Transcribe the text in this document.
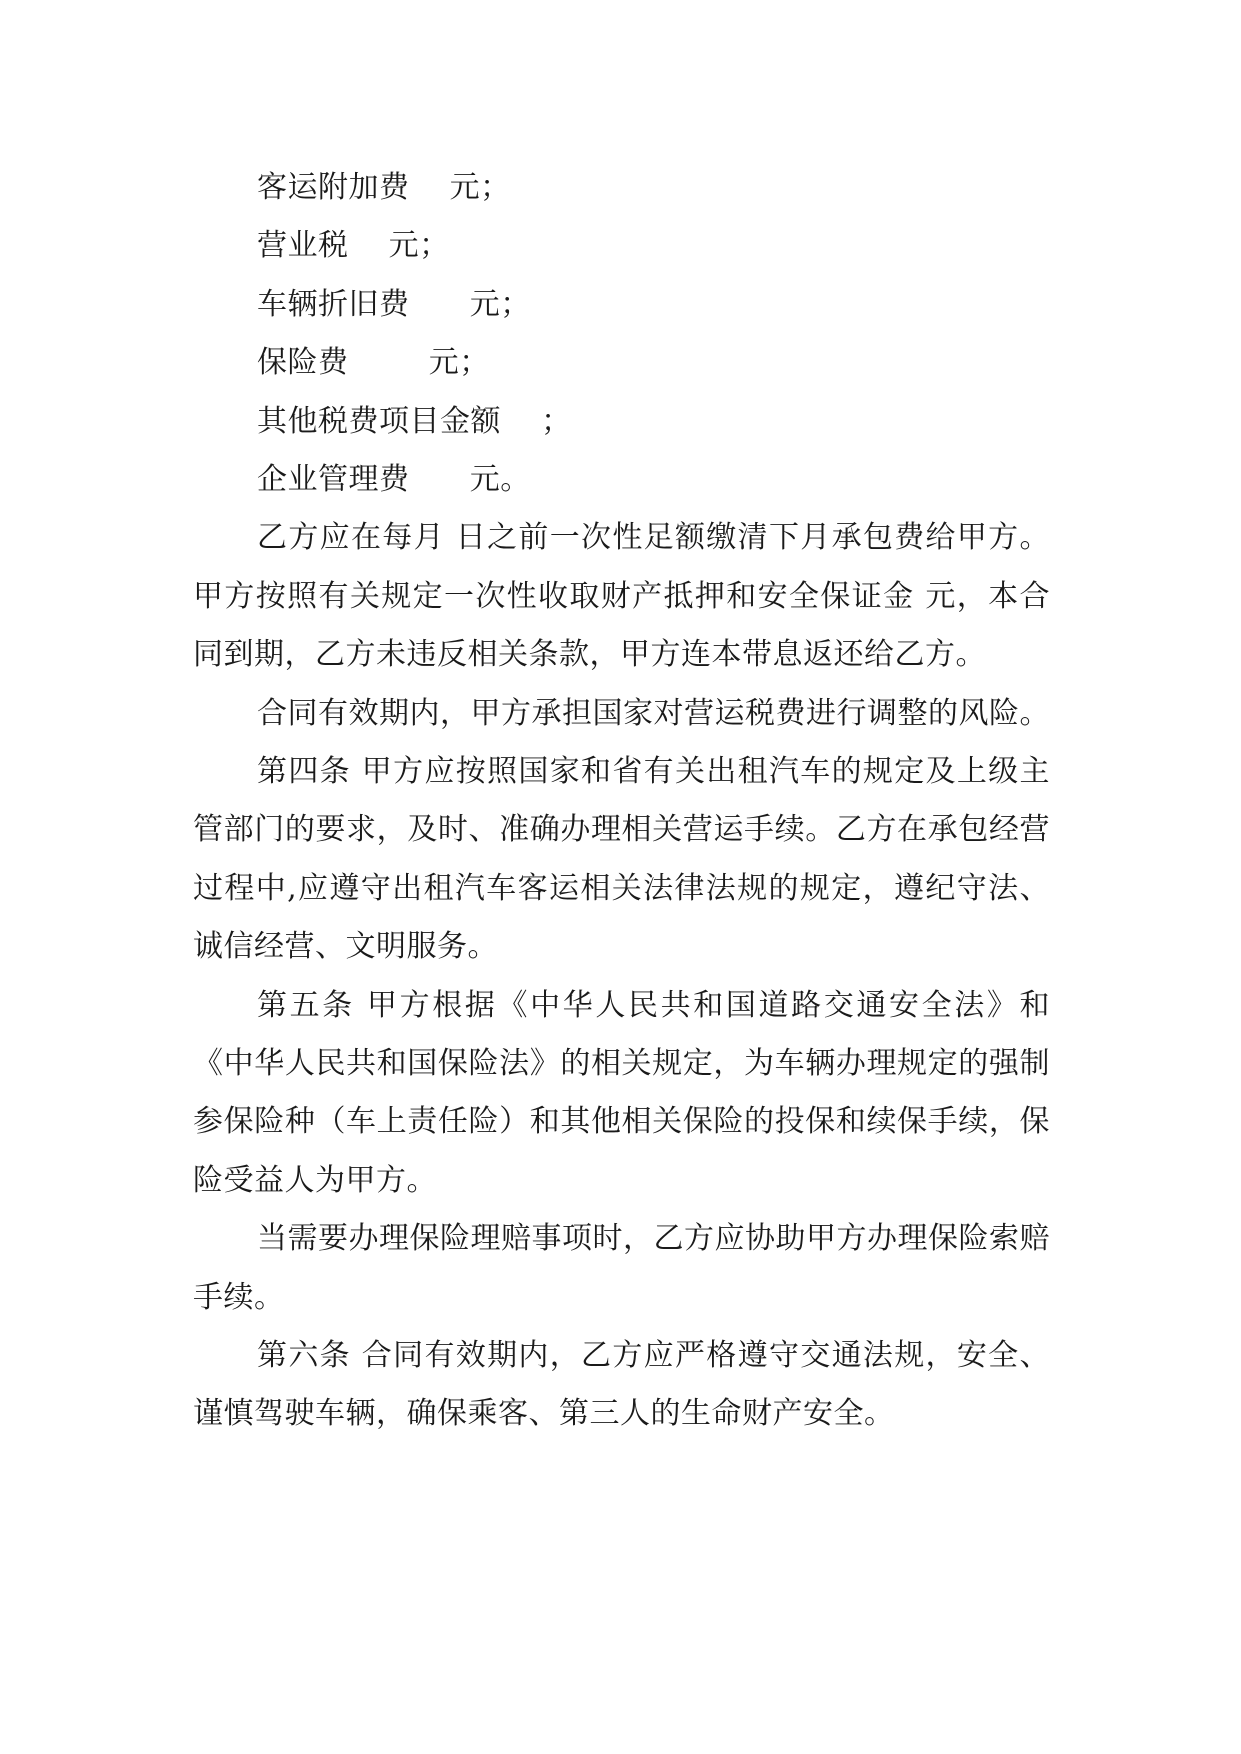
客运附加费    元；
营业税    元；
车辆折旧费      元；
保险费        元；
其他税费项目金额    ；
企业管理费      元。

乙方应在每月 日之前一次性足额缴清下月承包费给甲方。甲方按照有关规定一次性收取财产抵押和安全保证金 元，本合同到期，乙方未违反相关条款，甲方连本带息返还给乙方。

合同有效期内，甲方承担国家对营运税费进行调整的风险。

第四条 甲方应按照国家和省有关出租汽车的规定及上级主管部门的要求，及时、准确办理相关营运手续。乙方在承包经营过程中,应遵守出租汽车客运相关法律法规的规定，遵纪守法、诚信经营、文明服务。

第五条 甲方根据《中华人民共和国道路交通安全法》和《中华人民共和国保险法》的相关规定，为车辆办理规定的强制参保险种（车上责任险）和其他相关保险的投保和续保手续，保险受益人为甲方。

当需要办理保险理赔事项时，乙方应协助甲方办理保险索赔手续。

第六条 合同有效期内，乙方应严格遵守交通法规，安全、谨慎驾驶车辆，确保乘客、第三人的生命财产安全。
